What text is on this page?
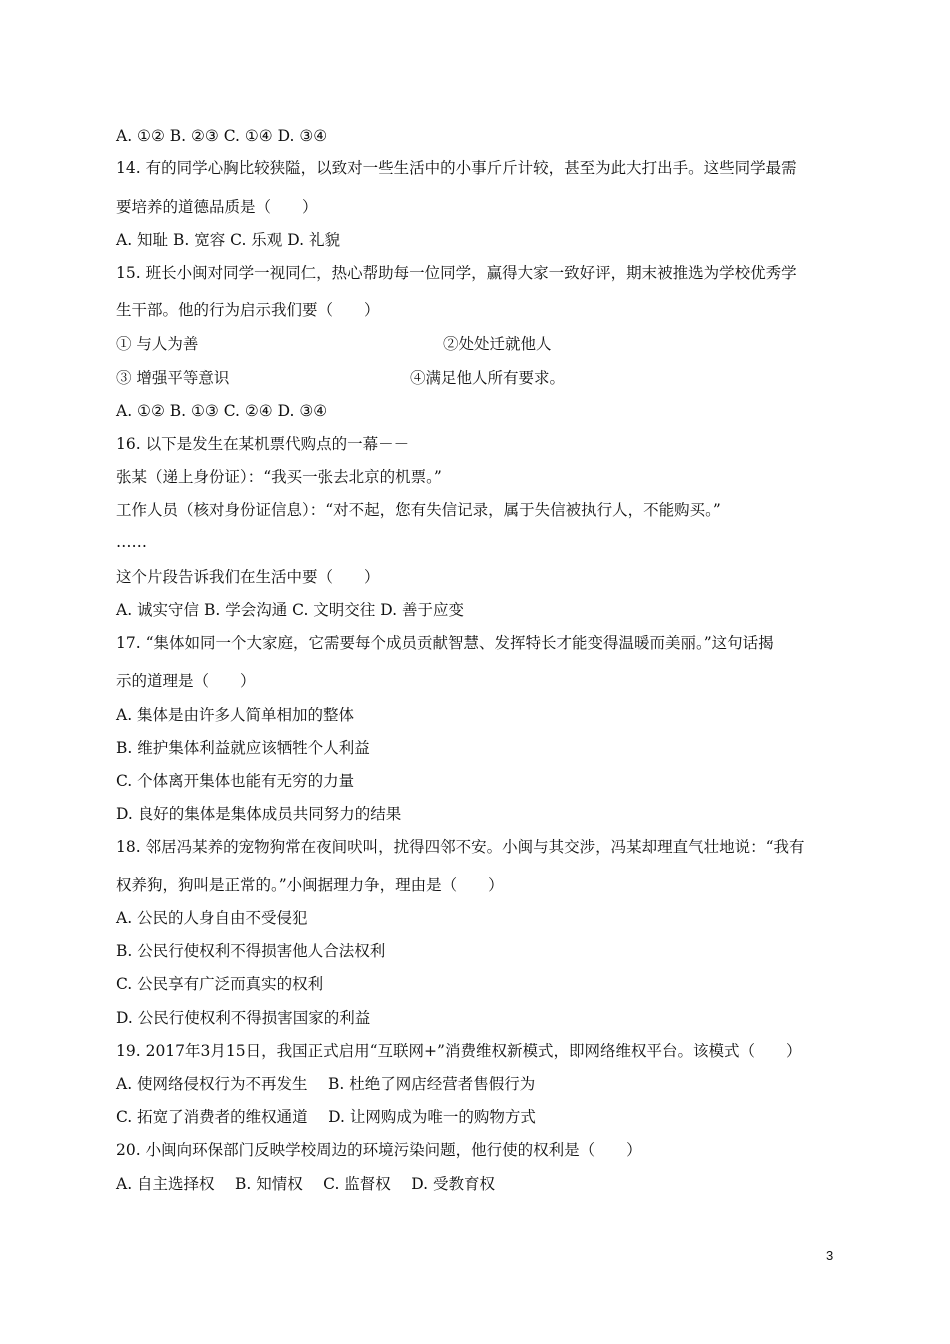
A. ①② B. ②③ C. ①④ D. ③④
14. 有的同学心胸比较狭隘，以致对一些生活中的小事斤斤计较，甚至为此大打出手。这些同学最需
要培养的道德品质是（　　）
A. 知耻 B. 宽容 C. 乐观 D. 礼貌
15. 班长小闽对同学一视同仁，热心帮助每一位同学，赢得大家一致好评，期末被推选为学校优秀学
生干部。他的行为启示我们要（　　）
① 与人为善	②处处迁就他人
③ 增强平等意识	④满足他人所有要求。
A. ①② B. ①③ C. ②④ D. ③④
16. 以下是发生在某机票代购点的一幕－－
张某（递上身份证）：“我买一张去北京的机票。”
工作人员（核对身份证信息）：“对不起，您有失信记录，属于失信被执行人，不能购买。”
……
这个片段告诉我们在生活中要（　　）
A. 诚实守信 B. 学会沟通 C. 文明交往 D. 善于应变
17. “集体如同一个大家庭，它需要每个成员贡献智慧、发挥特长才能变得温暖而美丽。”这句话揭
示的道理是（　　）
A. 集体是由许多人简单相加的整体
B. 维护集体利益就应该牺牲个人利益
C. 个体离开集体也能有无穷的力量
D. 良好的集体是集体成员共同努力的结果
18. 邻居冯某养的宠物狗常在夜间吠叫，扰得四邻不安。小闽与其交涉，冯某却理直气壮地说：“我有
权养狗，狗叫是正常的。”小闽据理力争，理由是（　　）
A. 公民的人身自由不受侵犯
B. 公民行使权利不得损害他人合法权利
C. 公民享有广泛而真实的权利
D. 公民行使权利不得损害国家的利益
19. 2017年3月15日，我国正式启用“互联网+”消费维权新模式，即网络维权平台。该模式（　　）
A. 使网络侵权行为不再发生　 B. 杜绝了网店经营者售假行为
C. 拓宽了消费者的维权通道　 D. 让网购成为唯一的购物方式
20. 小闽向环保部门反映学校周边的环境污染问题，他行使的权利是（　　）
A. 自主选择权　 B. 知情权　 C. 监督权　 D. 受教育权
3
